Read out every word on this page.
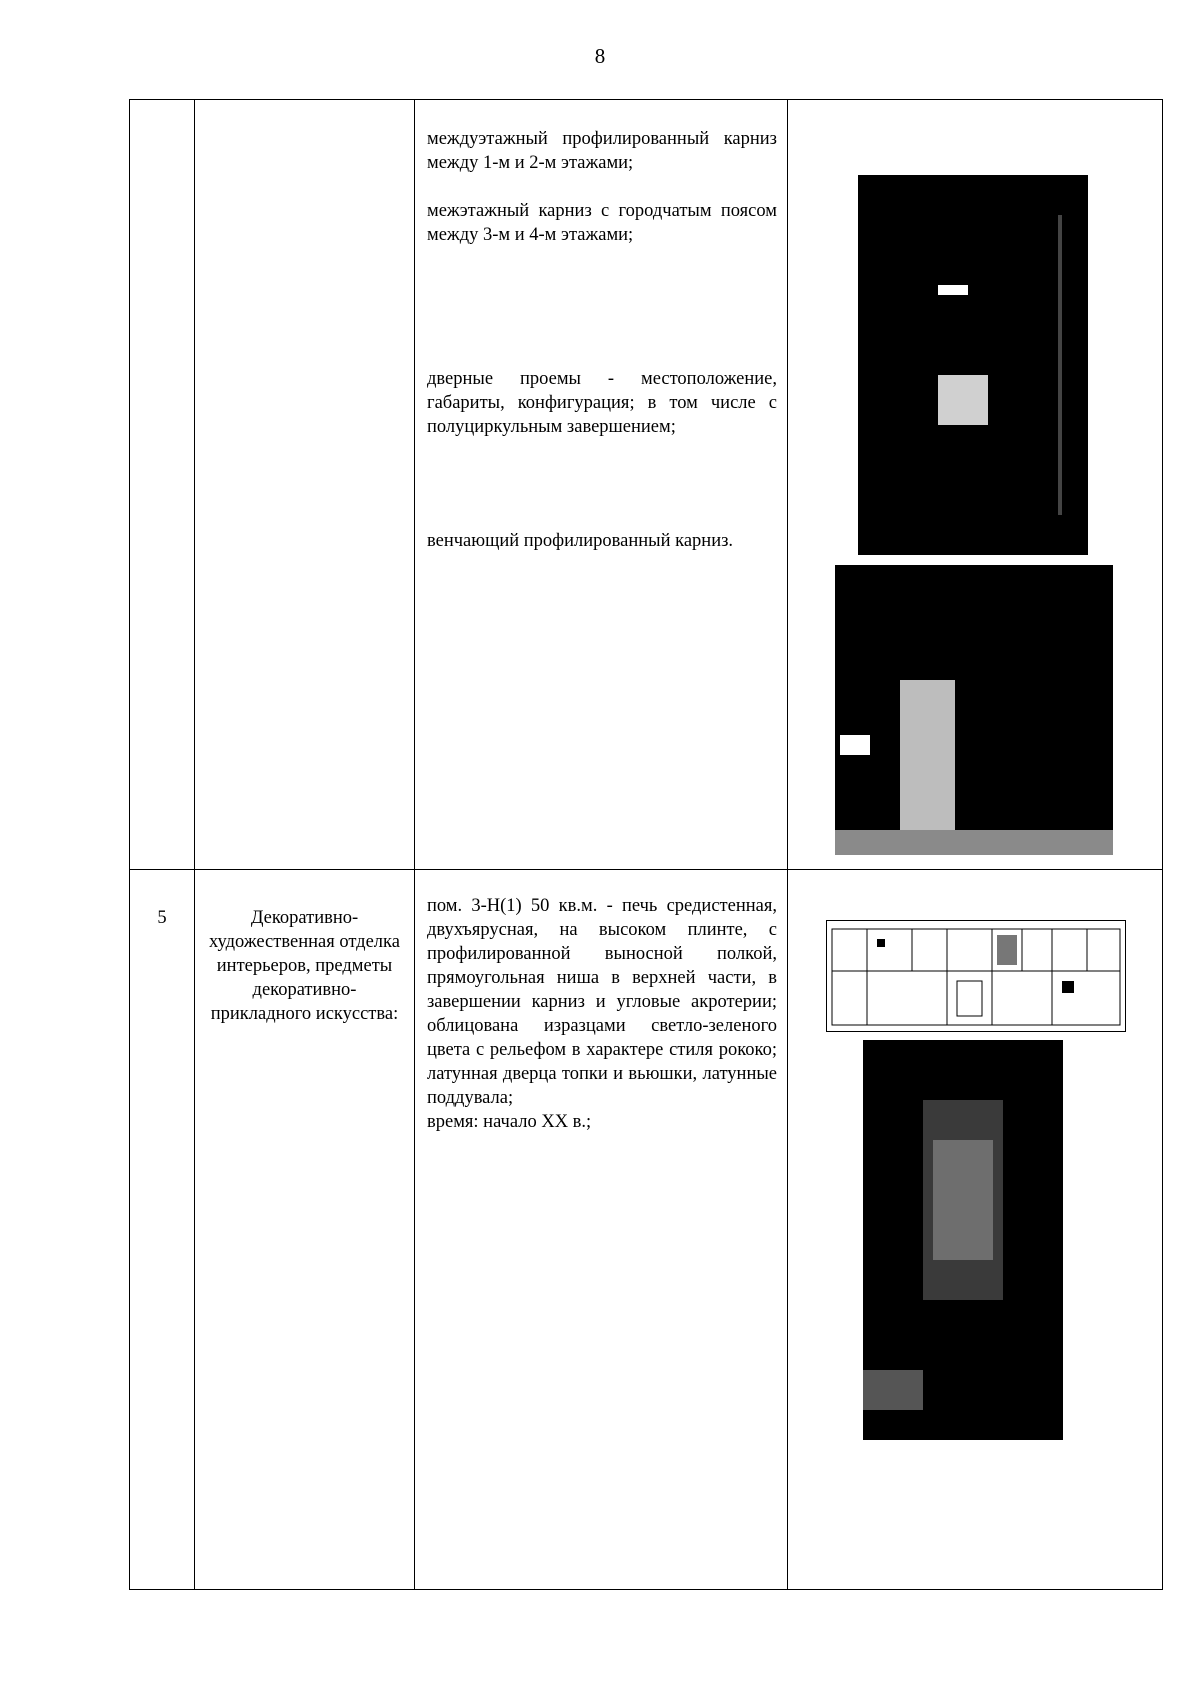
8

		междуэтажный профилированный карниз между 1-м и 2-м этажами;
межэтажный карниз с городчатым поясом между 3-м и 4-м этажами;
дверные проемы - местоположение, габариты, конфигурация; в том числе с полуциркульным завершением;
венчающий профилированный карниз.	

5	Декоративно-художественная отделка интерьеров, предметы декоративно-прикладного искусства:	пом. 3-Н(1) 50 кв.м. - печь средистенная, двухъярусная, на высоком плинте, с профилированной выносной полкой, прямоугольная ниша в верхней части, в завершении карниз и угловые акротерии; облицована изразцами светло-зеленого цвета с рельефом в характере стиля рококо; латунная дверца топки и вьюшки, латунные поддувала;
время: начало XX в.;
